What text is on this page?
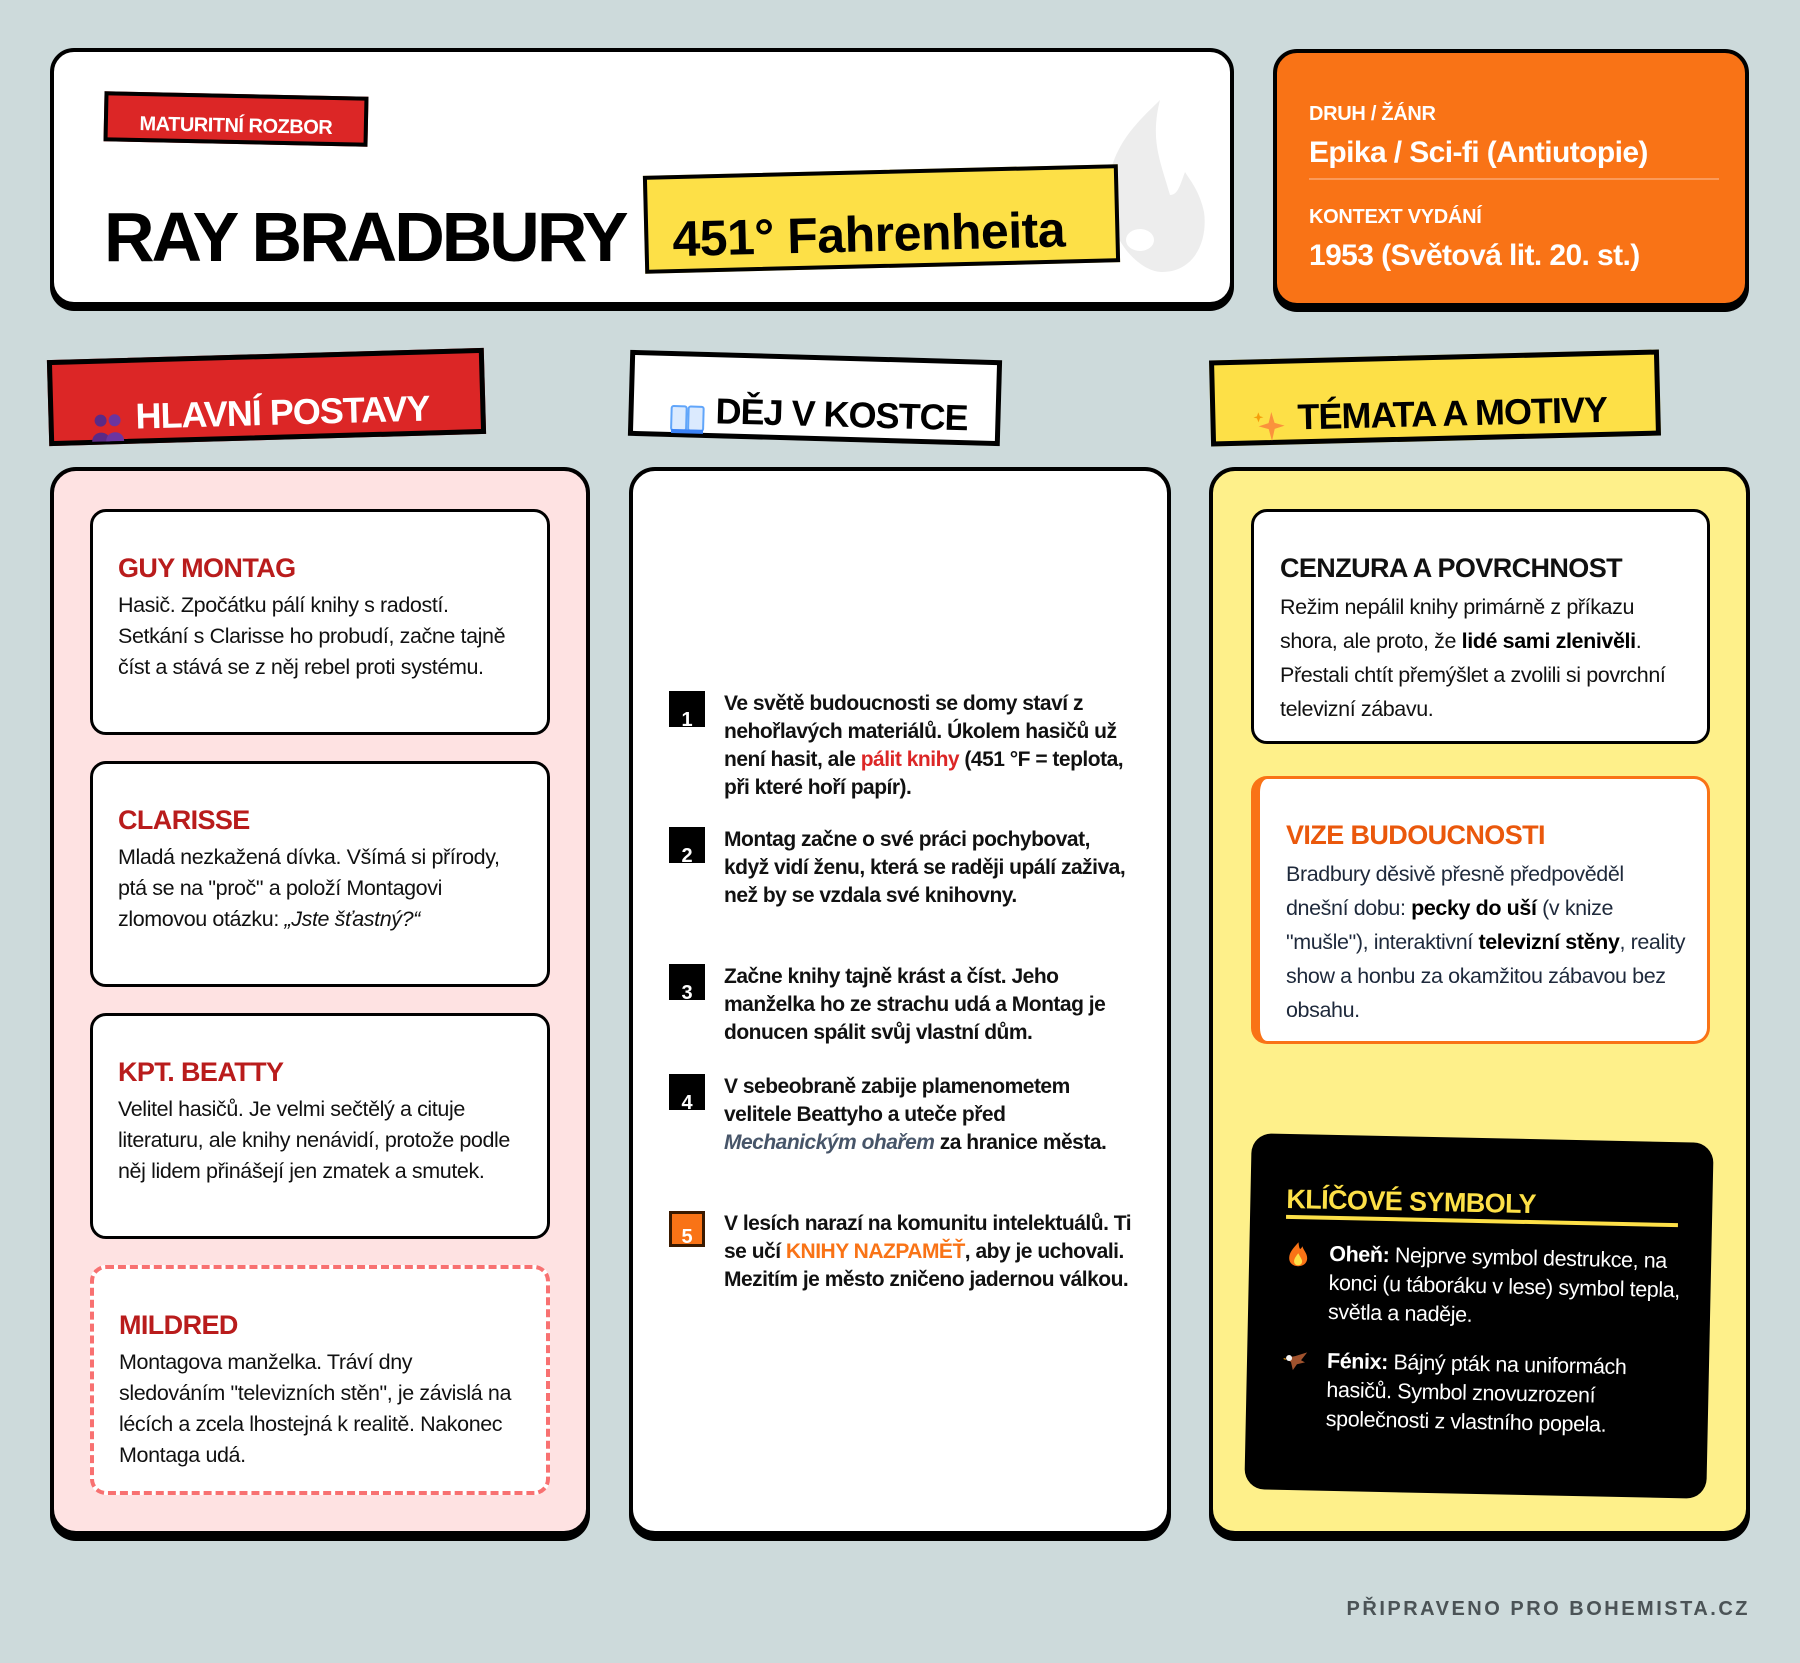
MATURITNÍ ROZBOR
RAY BRADBURY 451° Fahrenheita
DRUH / ŽÁNR
Epika / Sci-fi (Antiutopie)
KONTEXT VYDÁNÍ
1953 (Světová lit. 20. st.)
HLAVNÍ POSTAVY	DĚJ V KOSTCE	TÉMATA A MOTIVY
GUY MONTAG
Hasič. Zpočátku pálí knihy s radostí. Setkání s Clarisse ho probudí, začne tajně číst a stává se z něj rebel proti systému.
CLARISSE
Mladá nezkažená dívka. Všímá si přírody, ptá se na "proč" a položí Montagovi zlomovou otázku: „Jste šťastný?“
KPT. BEATTY
Velitel hasičů. Je velmi sečtělý a cituje literaturu, ale knihy nenávidí, protože podle něj lidem přinášejí jen zmatek a smutek.
MILDRED
Montagova manželka. Tráví dny sledováním "televizních stěn", je závislá na lécích a zcela lhostejná k realitě. Nakonec Montaga udá.
1
Ve světě budoucnosti se domy staví z nehořlavých materiálů. Úkolem hasičů už není hasit, ale pálit knihy (451 °F = teplota, při které hoří papír).
2
Montag začne o své práci pochybovat, když vidí ženu, která se raději upálí zaživa, než by se vzdala své knihovny.
3
Začne knihy tajně krást a číst. Jeho manželka ho ze strachu udá a Montag je donucen spálit svůj vlastní dům.
4
V sebeobraně zabije plamenometem velitele Beattyho a uteče před Mechanickým ohařem za hranice města.
5
V lesích narazí na komunitu intelektuálů. Ti se učí KNIHY NAZPAMĚŤ, aby je uchovali. Mezitím je město zničeno jadernou válkou.
CENZURA A POVRCHNOST
Režim nepálil knihy primárně z příkazu shora, ale proto, že lidé sami zlenivěli. Přestali chtít přemýšlet a zvolili si povrchní televizní zábavu.
VIZE BUDOUCNOSTI
Bradbury děsivě přesně předpověděl dnešní dobu: pecky do uší (v knize "mušle"), interaktivní televizní stěny, reality show a honbu za okamžitou zábavou bez obsahu.
KLÍČOVÉ SYMBOLY
Oheň: Nejprve symbol destrukce, na konci (u táboráku v lese) symbol tepla, světla a naděje.
Fénix: Bájný pták na uniformách hasičů. Symbol znovuzrození společnosti z vlastního popela.
PŘIPRAVENO PRO BOHEMISTA.CZ
